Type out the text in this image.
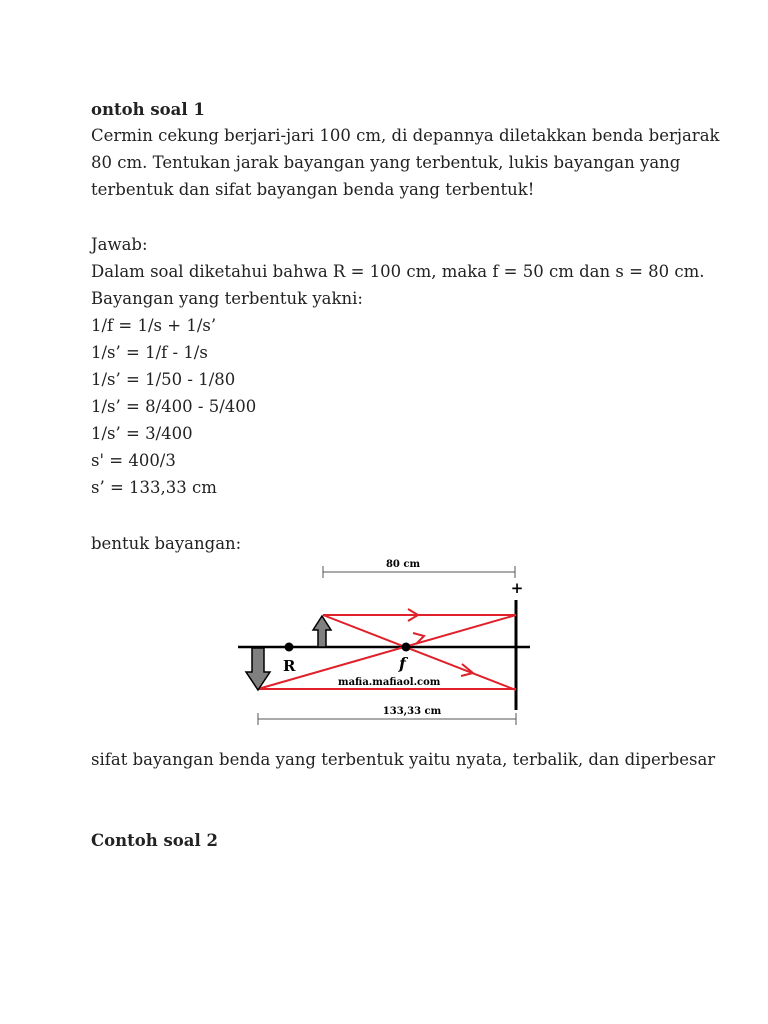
ontoh soal 1
Cermin cekung berjari-jari 100 cm, di depannya diletakkan benda berjarak
80 cm. Tentukan jarak bayangan yang terbentuk, lukis bayangan yang
terbentuk dan sifat bayangan benda yang terbentuk!
Jawab:
Dalam soal diketahui bahwa R = 100 cm, maka f = 50 cm dan s = 80 cm.
Bayangan yang terbentuk yakni:
1/f = 1/s + 1/s’
1/s’ = 1/f - 1/s
1/s’ = 1/50 - 1/80
1/s’ = 8/400 - 5/400
1/s’ = 3/400
s' = 400/3
s’ = 133,33 cm
bentuk bayangan:
80 cm
+
R	f
mafia.mafiaol.com
133,33 cm
sifat bayangan benda yang terbentuk yaitu nyata, terbalik, dan diperbesar
Contoh soal 2
